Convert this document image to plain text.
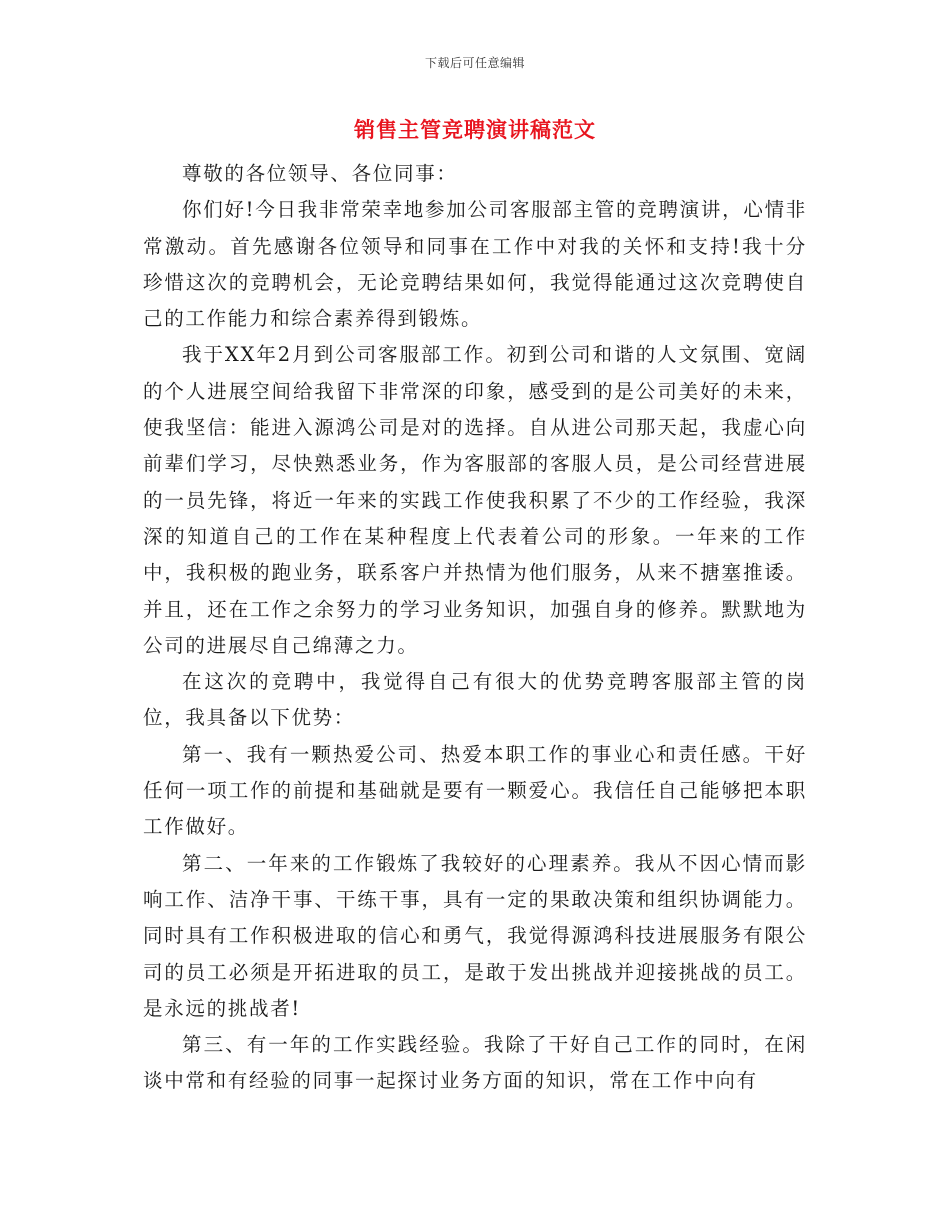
下载后可任意编辑
销售主管竞聘演讲稿范文

尊敬的各位领导、各位同事：

你们好!今日我非常荣幸地参加公司客服部主管的竞聘演讲，心情非常激动。首先感谢各位领导和同事在工作中对我的关怀和支持!我十分珍惜这次的竞聘机会，无论竞聘结果如何，我觉得能通过这次竞聘使自己的工作能力和综合素养得到锻炼。

我于XX年2月到公司客服部工作。初到公司和谐的人文氛围、宽阔的个人进展空间给我留下非常深的印象，感受到的是公司美好的未来，使我坚信：能进入源鸿公司是对的选择。自从进公司那天起，我虚心向前辈们学习，尽快熟悉业务，作为客服部的客服人员，是公司经营进展的一员先锋，将近一年来的实践工作使我积累了不少的工作经验，我深深的知道自己的工作在某种程度上代表着公司的形象。一年来的工作中，我积极的跑业务，联系客户并热情为他们服务，从来不搪塞推诿。并且，还在工作之余努力的学习业务知识，加强自身的修养。默默地为公司的进展尽自己绵薄之力。

在这次的竞聘中，我觉得自己有很大的优势竞聘客服部主管的岗位，我具备以下优势：

第一、我有一颗热爱公司、热爱本职工作的事业心和责任感。干好任何一项工作的前提和基础就是要有一颗爱心。我信任自己能够把本职工作做好。

第二、一年来的工作锻炼了我较好的心理素养。我从不因心情而影响工作、洁净干事、干练干事，具有一定的果敢决策和组织协调能力。同时具有工作积极进取的信心和勇气，我觉得源鸿科技进展服务有限公司的员工必须是开拓进取的员工，是敢于发出挑战并迎接挑战的员工。是永远的挑战者!

第三、有一年的工作实践经验。我除了干好自己工作的同时，在闲谈中常和有经验的同事一起探讨业务方面的知识，常在工作中向有
